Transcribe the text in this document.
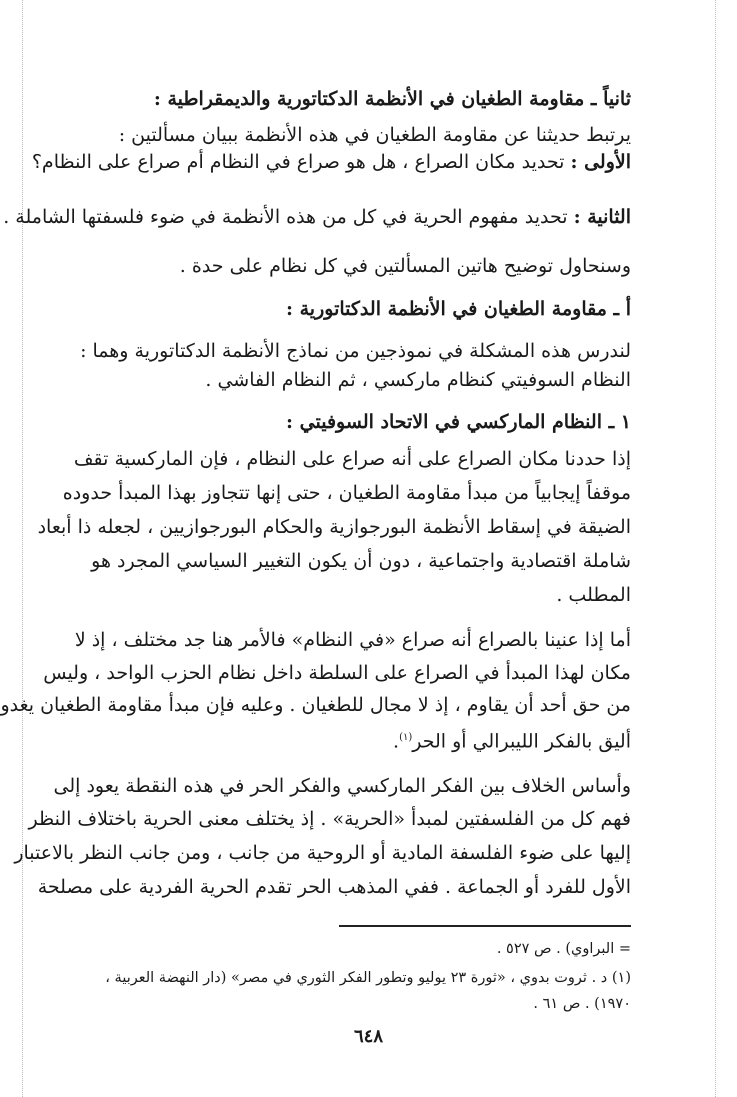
ثانياً ـ مقاومة الطغيان في الأنظمة الدكتاتورية والديمقراطية :
يرتبط حديثنا عن مقاومة الطغيان في هذه الأنظمة ببيان مسألتين :
الأولى : تحديد مكان الصراع ، هل هو صراع في النظام أم صراع على النظام؟
الثانية : تحديد مفهوم الحرية في كل من هذه الأنظمة في ضوء فلسفتها الشاملة .
وسنحاول توضيح هاتين المسألتين في كل نظام على حدة .
أ ـ مقاومة الطغيان في الأنظمة الدكتاتورية :
لندرس هذه المشكلة في نموذجين من نماذج الأنظمة الدكتاتورية وهما :
النظام السوفيتي كنظام ماركسي ، ثم النظام الفاشي .
١ ـ النظام الماركسي في الاتحاد السوفيتي :
إذا حددنا مكان الصراع على أنه صراع على النظام ، فإن الماركسية تقف
موقفاً إيجابياً من مبدأ مقاومة الطغيان ، حتى إنها تتجاوز بهذا المبدأ حدوده
الضيقة في إسقاط الأنظمة البورجوازية والحكام البورجوازيين ، لجعله ذا أبعاد
شاملة اقتصادية واجتماعية ، دون أن يكون التغيير السياسي المجرد هو
المطلب .
أما إذا عنينا بالصراع أنه صراع «في النظام» فالأمر هنا جد مختلف ، إذ لا
مكان لهذا المبدأ في الصراع على السلطة داخل نظام الحزب الواحد ، وليس
من حق أحد أن يقاوم ، إذ لا مجال للطغيان . وعليه فإن مبدأ مقاومة الطغيان يغدو
أليق بالفكر الليبرالي أو الحر$^{(١)}$.
وأساس الخلاف بين الفكر الماركسي والفكر الحر في هذه النقطة يعود إلى
فهم كل من الفلسفتين لمبدأ «الحرية» . إذ يختلف معنى الحرية باختلاف النظر
إليها على ضوء الفلسفة المادية أو الروحية من جانب ، ومن جانب النظر بالاعتبار
الأول للفرد أو الجماعة . ففي المذهب الحر تقدم الحرية الفردية على مصلحة
= البراوي) . ص ٥٢٧ .
(١) د . ثروت بدوي ، «ثورة ٢٣ يوليو وتطور الفكر الثوري في مصر» (دار النهضة العربية ،
١٩٧٠) . ص ٦١ .
٦٤٨
